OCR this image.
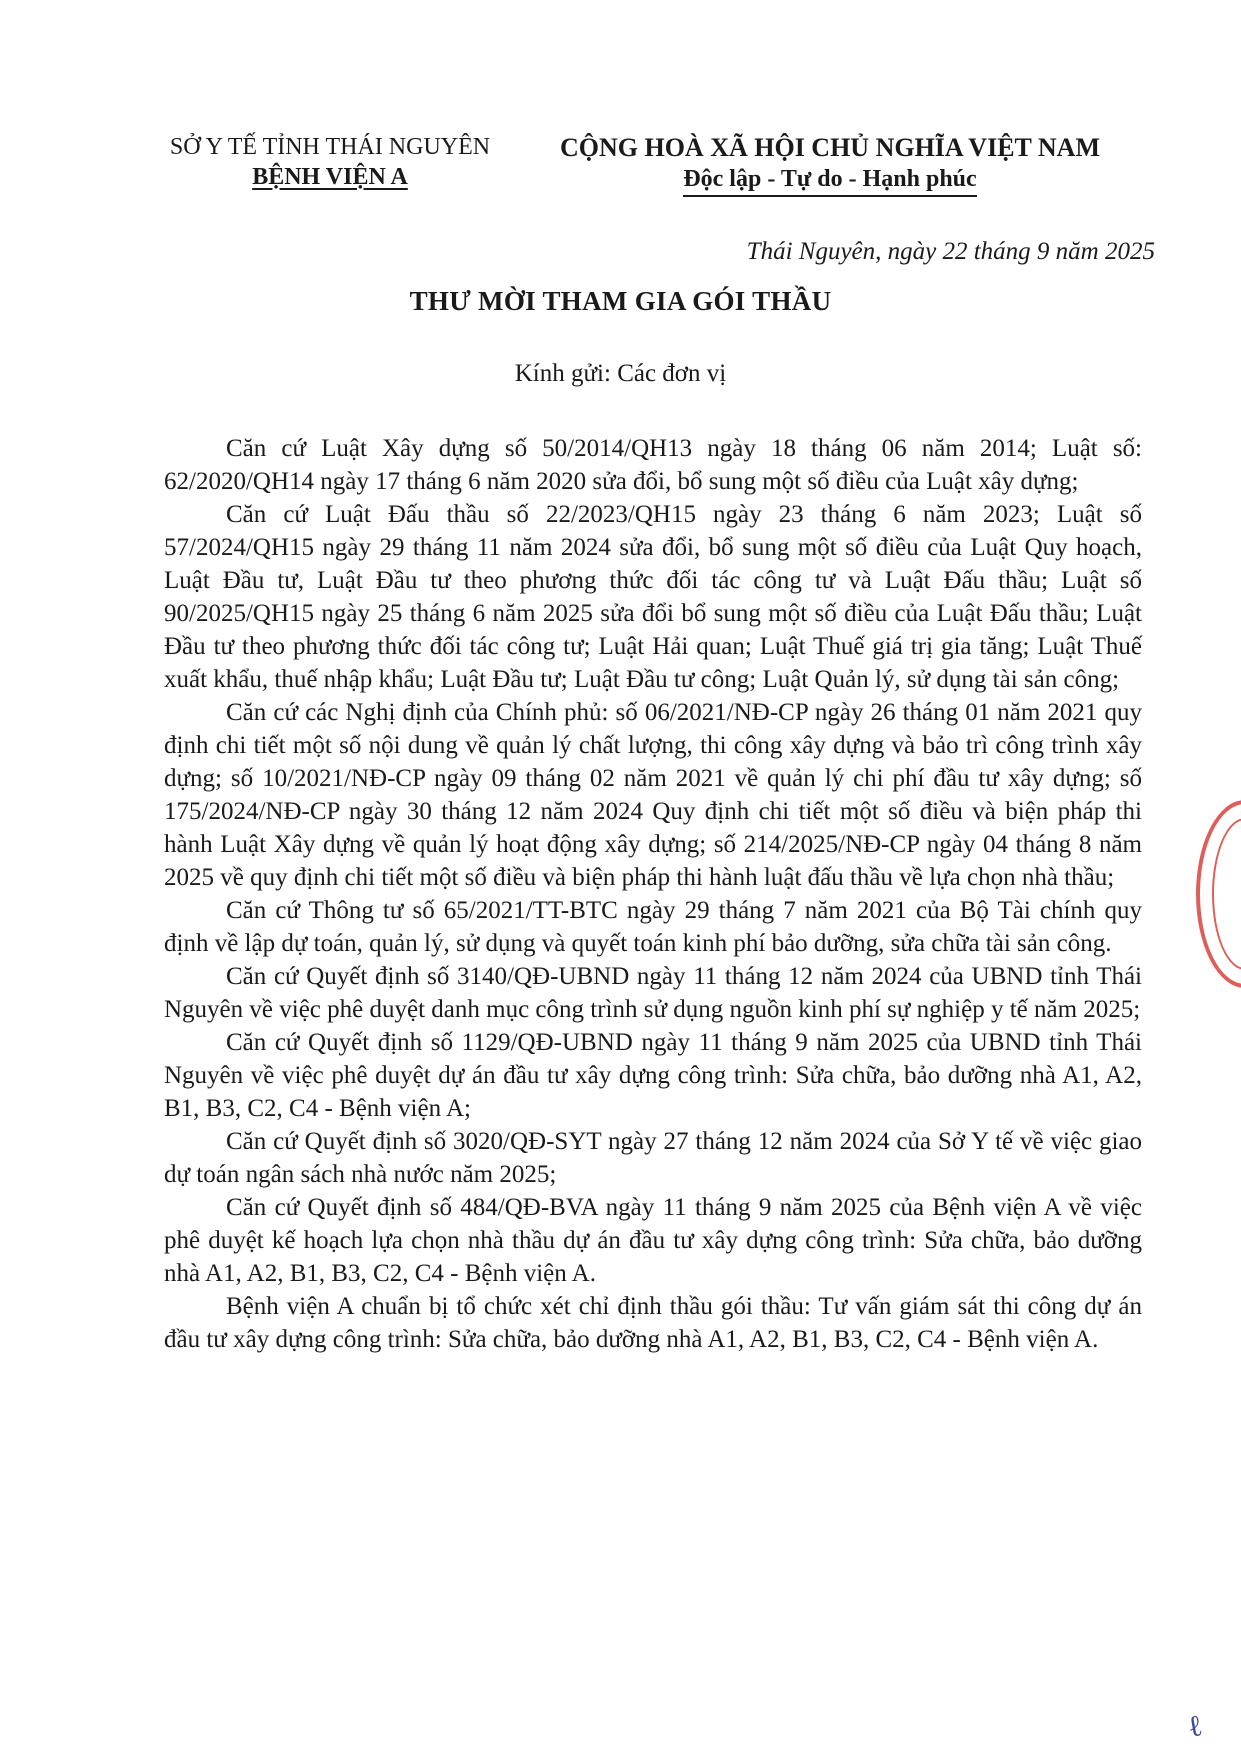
SỞ Y TẾ TỈNH THÁI NGUYÊN
BỆNH VIỆN A
CỘNG HOÀ XÃ HỘI CHỦ NGHĨA VIỆT NAM
Độc lập - Tự do - Hạnh phúc
Thái Nguyên, ngày 22 tháng 9 năm 2025
THƯ MỜI THAM GIA GÓI THẦU
Kính gửi: Các đơn vị

Căn cứ Luật Xây dựng số 50/2014/QH13 ngày 18 tháng 06 năm 2014; Luật số: 62/2020/QH14 ngày 17 tháng 6 năm 2020 sửa đổi, bổ sung một số điều của Luật xây dựng;

Căn cứ Luật Đấu thầu số 22/2023/QH15 ngày 23 tháng 6 năm 2023; Luật số 57/2024/QH15 ngày 29 tháng 11 năm 2024 sửa đổi, bổ sung một số điều của Luật Quy hoạch, Luật Đầu tư, Luật Đầu tư theo phương thức đối tác công tư và Luật Đấu thầu; Luật số 90/2025/QH15 ngày 25 tháng 6 năm 2025 sửa đổi bổ sung một số điều của Luật Đấu thầu; Luật Đầu tư theo phương thức đối tác công tư; Luật Hải quan; Luật Thuế giá trị gia tăng; Luật Thuế xuất khẩu, thuế nhập khẩu; Luật Đầu tư; Luật Đầu tư công; Luật Quản lý, sử dụng tài sản công;

Căn cứ các Nghị định của Chính phủ: số 06/2021/NĐ-CP ngày 26 tháng 01 năm 2021 quy định chi tiết một số nội dung về quản lý chất lượng, thi công xây dựng và bảo trì công trình xây dựng; số 10/2021/NĐ-CP ngày 09 tháng 02 năm 2021 về quản lý chi phí đầu tư xây dựng; số 175/2024/NĐ-CP ngày 30 tháng 12 năm 2024 Quy định chi tiết một số điều và biện pháp thi hành Luật Xây dựng về quản lý hoạt động xây dựng; số 214/2025/NĐ-CP ngày 04 tháng 8 năm 2025 về quy định chi tiết một số điều và biện pháp thi hành luật đấu thầu về lựa chọn nhà thầu;

Căn cứ Thông tư số 65/2021/TT-BTC ngày 29 tháng 7 năm 2021 của Bộ Tài chính quy định về lập dự toán, quản lý, sử dụng và quyết toán kinh phí bảo dưỡng, sửa chữa tài sản công.

Căn cứ Quyết định số 3140/QĐ-UBND ngày 11 tháng 12 năm 2024 của UBND tỉnh Thái Nguyên về việc phê duyệt danh mục công trình sử dụng nguồn kinh phí sự nghiệp y tế năm 2025;

Căn cứ Quyết định số 1129/QĐ-UBND ngày 11 tháng 9 năm 2025 của UBND tỉnh Thái Nguyên về việc phê duyệt dự án đầu tư xây dựng công trình: Sửa chữa, bảo dưỡng nhà A1, A2, B1, B3, C2, C4 - Bệnh viện A;

Căn cứ Quyết định số 3020/QĐ-SYT ngày 27 tháng 12 năm 2024 của Sở Y tế về việc giao dự toán ngân sách nhà nước năm 2025;

Căn cứ Quyết định số 484/QĐ-BVA ngày 11 tháng 9 năm 2025 của Bệnh viện A về việc phê duyệt kế hoạch lựa chọn nhà thầu dự án đầu tư xây dựng công trình: Sửa chữa, bảo dưỡng nhà A1, A2, B1, B3, C2, C4 - Bệnh viện A.

Bệnh viện A chuẩn bị tổ chức xét chỉ định thầu gói thầu: Tư vấn giám sát thi công dự án đầu tư xây dựng công trình: Sửa chữa, bảo dưỡng nhà A1, A2, B1, B3, C2, C4 - Bệnh viện A.

ℓ
